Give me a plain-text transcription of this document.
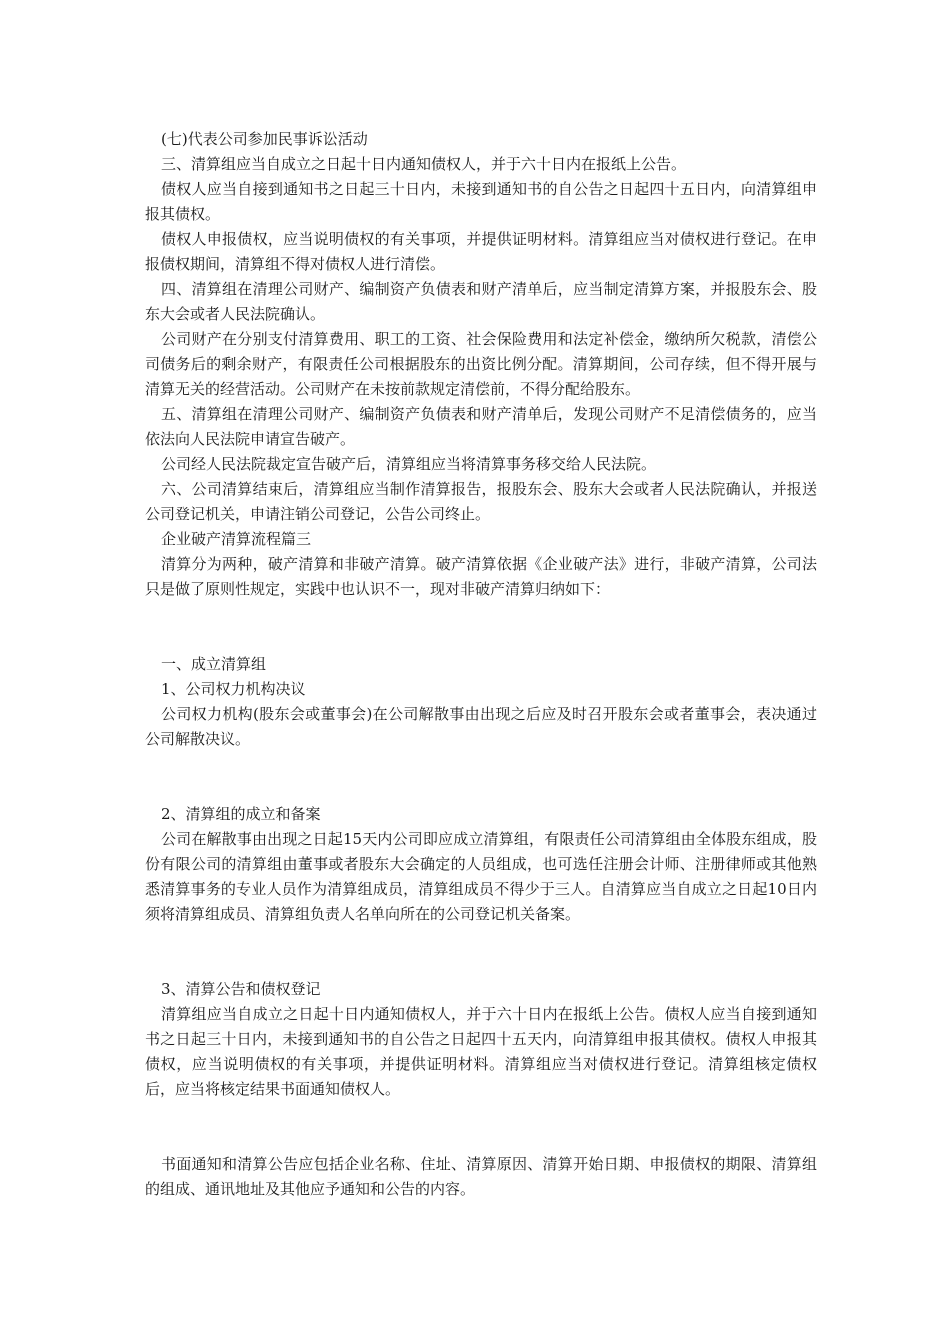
(七)代表公司参加民事诉讼活动

三、清算组应当自成立之日起十日内通知债权人，并于六十日内在报纸上公告。

债权人应当自接到通知书之日起三十日内，未接到通知书的自公告之日起四十五日内，向清算组申报其债权。

债权人申报债权，应当说明债权的有关事项，并提供证明材料。清算组应当对债权进行登记。在申报债权期间，清算组不得对债权人进行清偿。

四、清算组在清理公司财产、编制资产负债表和财产清单后，应当制定清算方案，并报股东会、股东大会或者人民法院确认。

公司财产在分别支付清算费用、职工的工资、社会保险费用和法定补偿金，缴纳所欠税款，清偿公司债务后的剩余财产，有限责任公司根据股东的出资比例分配。清算期间，公司存续，但不得开展与清算无关的经营活动。公司财产在未按前款规定清偿前，不得分配给股东。

五、清算组在清理公司财产、编制资产负债表和财产清单后，发现公司财产不足清偿债务的，应当依法向人民法院申请宣告破产。

公司经人民法院裁定宣告破产后，清算组应当将清算事务移交给人民法院。

六、公司清算结束后，清算组应当制作清算报告，报股东会、股东大会或者人民法院确认，并报送公司登记机关，申请注销公司登记，公告公司终止。

企业破产清算流程篇三

清算分为两种，破产清算和非破产清算。破产清算依据《企业破产法》进行，非破产清算，公司法只是做了原则性规定，实践中也认识不一，现对非破产清算归纳如下：

一、成立清算组

1、公司权力机构决议

公司权力机构(股东会或董事会)在公司解散事由出现之后应及时召开股东会或者董事会，表决通过公司解散决议。

2、清算组的成立和备案

公司在解散事由出现之日起15天内公司即应成立清算组，有限责任公司清算组由全体股东组成，股份有限公司的清算组由董事或者股东大会确定的人员组成，也可选任注册会计师、注册律师或其他熟悉清算事务的专业人员作为清算组成员，清算组成员不得少于三人。自清算应当自成立之日起10日内须将清算组成员、清算组负责人名单向所在的公司登记机关备案。

3、清算公告和债权登记

清算组应当自成立之日起十日内通知债权人，并于六十日内在报纸上公告。债权人应当自接到通知书之日起三十日内，未接到通知书的自公告之日起四十五天内，向清算组申报其债权。债权人申报其债权，应当说明债权的有关事项，并提供证明材料。清算组应当对债权进行登记。清算组核定债权后，应当将核定结果书面通知债权人。

书面通知和清算公告应包括企业名称、住址、清算原因、清算开始日期、申报债权的期限、清算组的组成、通讯地址及其他应予通知和公告的内容。
